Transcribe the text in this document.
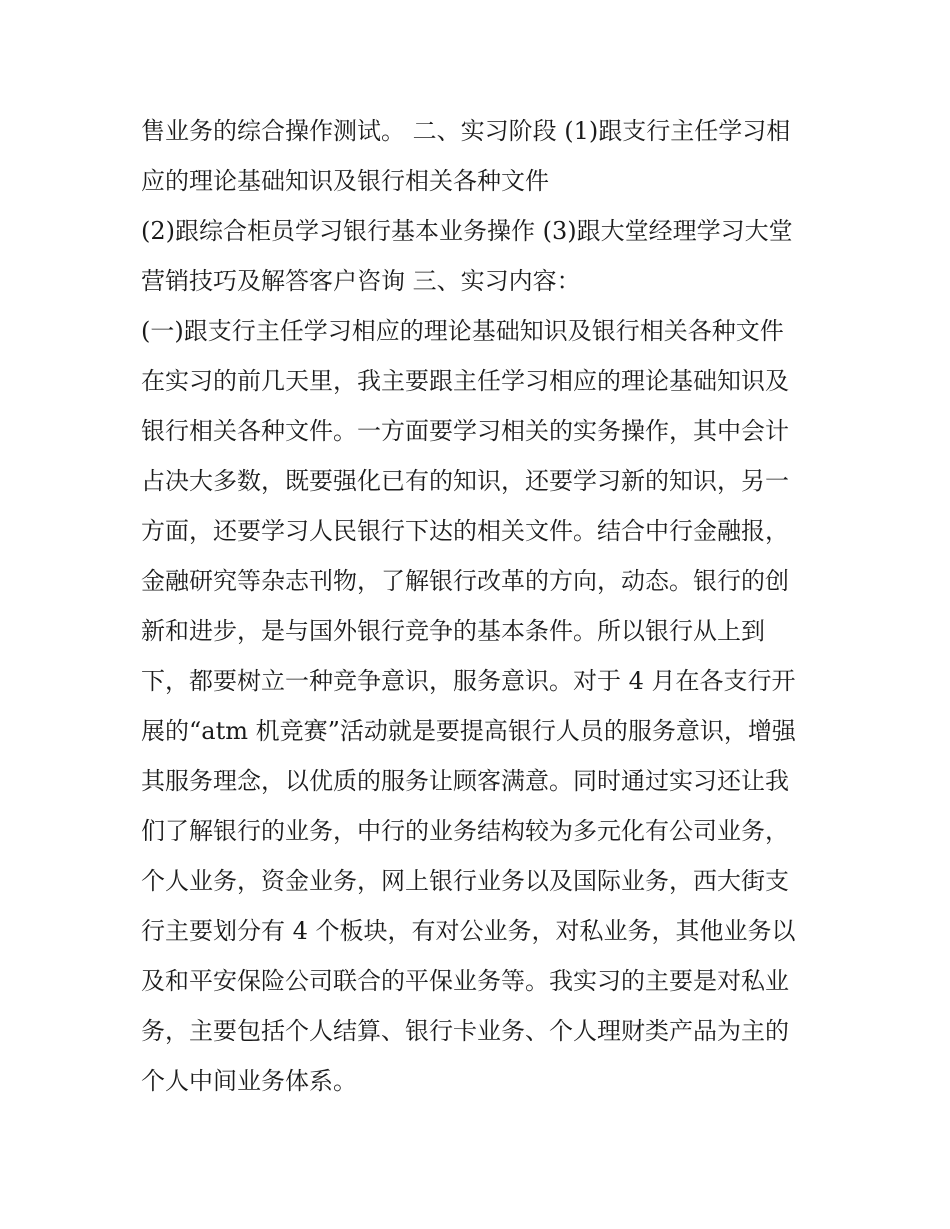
售业务的综合操作测试。 二、实习阶段 (1)跟支行主任学习相
应的理论基础知识及银行相关各种文件
(2)跟综合柜员学习银行基本业务操作 (3)跟大堂经理学习大堂
营销技巧及解答客户咨询 三、实习内容：
(一)跟支行主任学习相应的理论基础知识及银行相关各种文件
在实习的前几天里，我主要跟主任学习相应的理论基础知识及
银行相关各种文件。一方面要学习相关的实务操作，其中会计
占决大多数，既要强化已有的知识，还要学习新的知识，另一
方面，还要学习人民银行下达的相关文件。结合中行金融报，
金融研究等杂志刊物，了解银行改革的方向，动态。银行的创
新和进步，是与国外银行竞争的基本条件。所以银行从上到
下，都要树立一种竞争意识，服务意识。对于 4 月在各支行开
展的“atm 机竞赛”活动就是要提高银行人员的服务意识，增强
其服务理念，以优质的服务让顾客满意。同时通过实习还让我
们了解银行的业务，中行的业务结构较为多元化有公司业务，
个人业务，资金业务，网上银行业务以及国际业务，西大街支
行主要划分有 4 个板块，有对公业务，对私业务，其他业务以
及和平安保险公司联合的平保业务等。我实习的主要是对私业
务，主要包括个人结算、银行卡业务、个人理财类产品为主的
个人中间业务体系。
